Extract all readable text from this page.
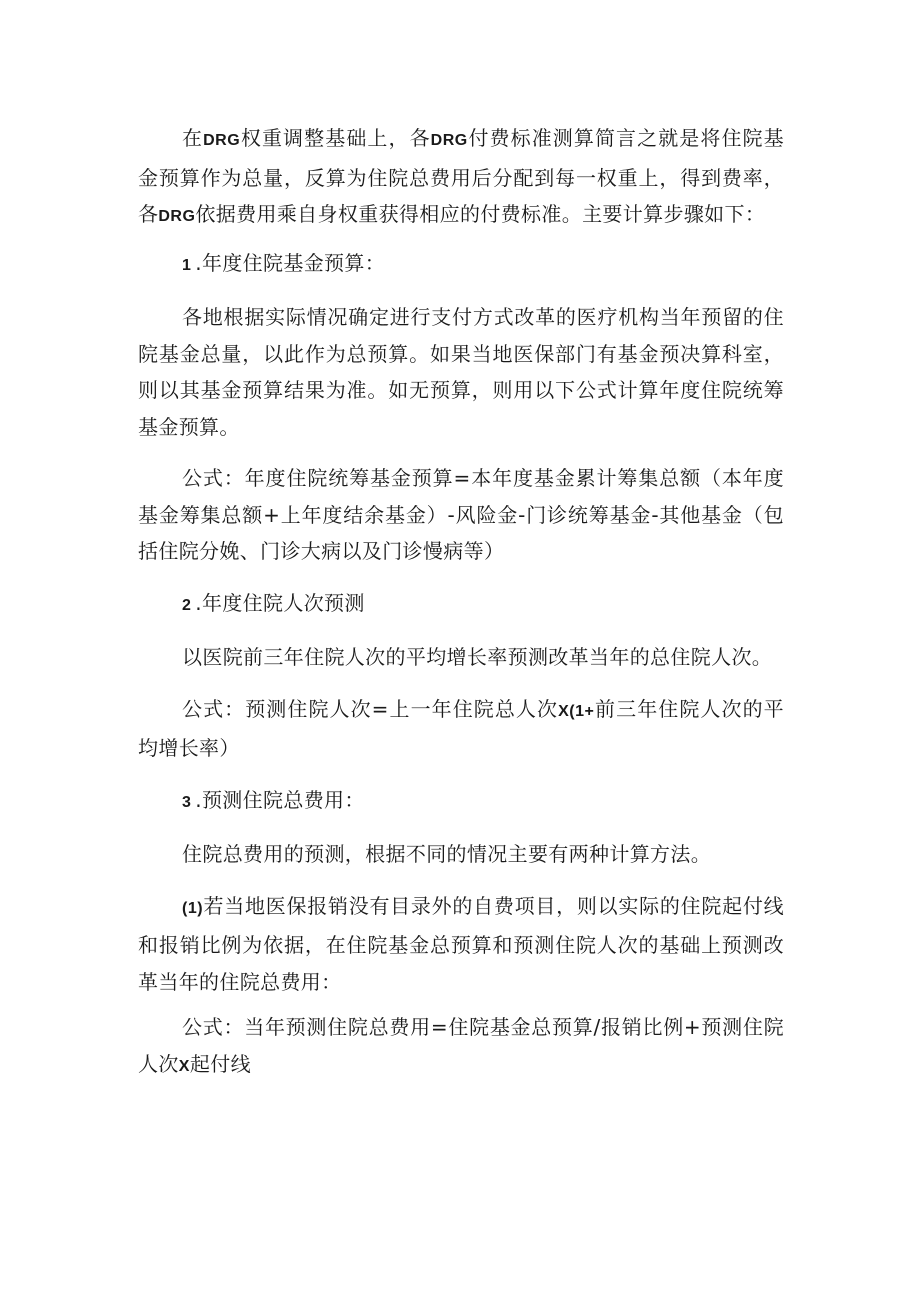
在DRG权重调整基础上，各DRG付费标准测算简言之就是将住院基金预算作为总量，反算为住院总费用后分配到每一权重上，得到费率，各DRG依据费用乘自身权重获得相应的付费标准。主要计算步骤如下：

1 .年度住院基金预算：

各地根据实际情况确定进行支付方式改革的医疗机构当年预留的住院基金总量，以此作为总预算。如果当地医保部门有基金预决算科室，则以其基金预算结果为准。如无预算，则用以下公式计算年度住院统筹基金预算。

公式：年度住院统筹基金预算=本年度基金累计筹集总额（本年度基金筹集总额+上年度结余基金）-风险金-门诊统筹基金-其他基金（包括住院分娩、门诊大病以及门诊慢病等）

2 .年度住院人次预测

以医院前三年住院人次的平均增长率预测改革当年的总住院人次。

公式：预测住院人次=上一年住院总人次X(1+前三年住院人次的平均增长率）

3 .预测住院总费用：

住院总费用的预测，根据不同的情况主要有两种计算方法。

(1)若当地医保报销没有目录外的自费项目，则以实际的住院起付线和报销比例为依据，在住院基金总预算和预测住院人次的基础上预测改革当年的住院总费用：

公式：当年预测住院总费用=住院基金总预算/报销比例+预测住院人次X起付线
